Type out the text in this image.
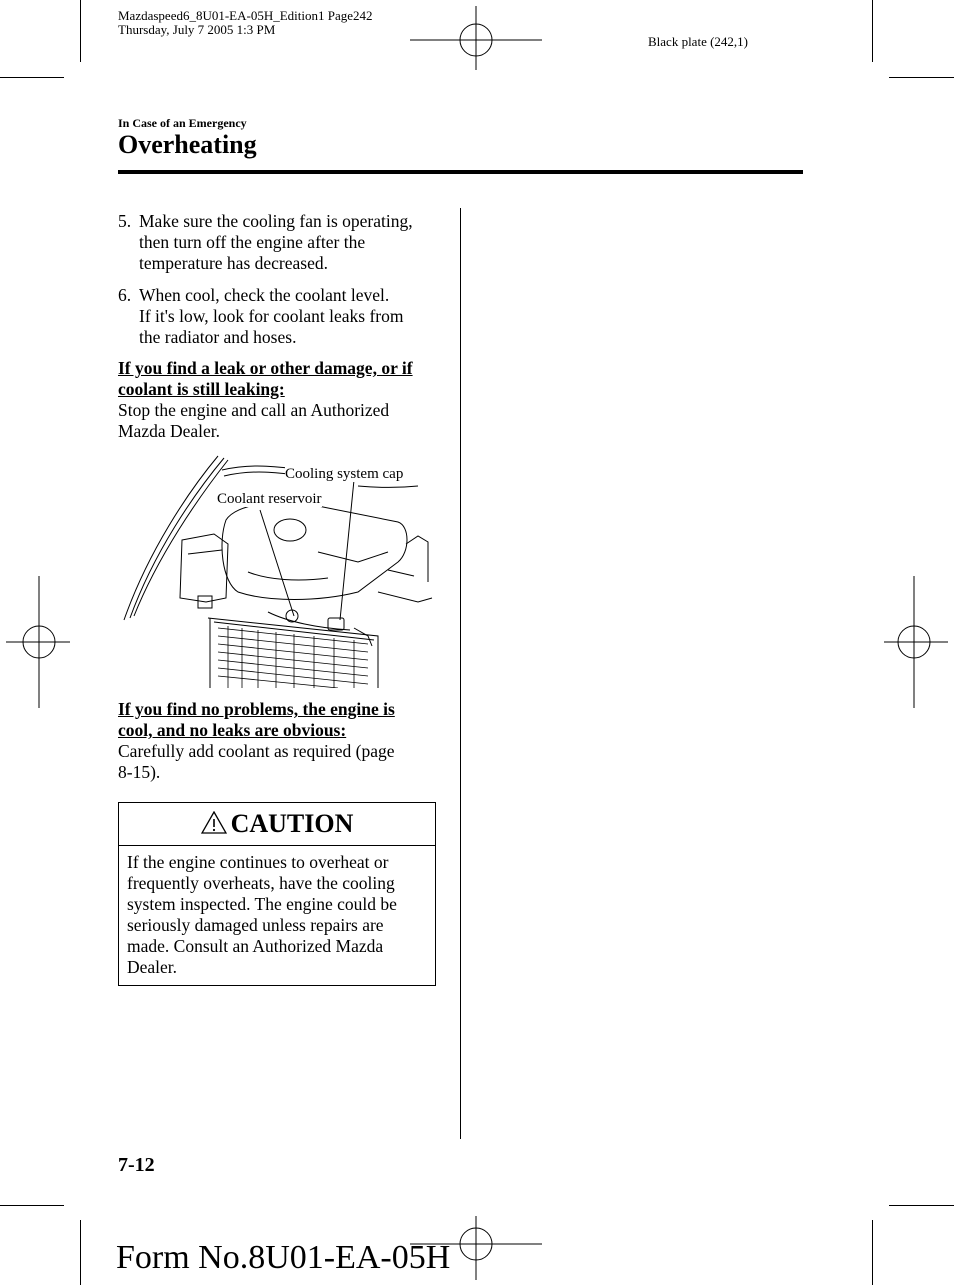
Mazdaspeed6_8U01-EA-05H_Edition1 Page242
Thursday, July 7 2005 1:3 PM
Black plate (242,1)
In Case of an Emergency
Overheating
5. Make sure the cooling fan is operating,
then turn off the engine after the
temperature has decreased.
6. When cool, check the coolant level.
If it's low, look for coolant leaks from
the radiator and hoses.
If you find a leak or other damage, or if
coolant is still leaking:
Stop the engine and call an Authorized
Mazda Dealer.
Cooling system cap
Coolant reservoir
If you find no problems, the engine is
cool, and no leaks are obvious:
Carefully add coolant as required (page
8-15).
CAUTION
If the engine continues to overheat or
frequently overheats, have the cooling
system inspected. The engine could be
seriously damaged unless repairs are
made. Consult an Authorized Mazda
Dealer.
7-12
Form No.8U01-EA-05H
